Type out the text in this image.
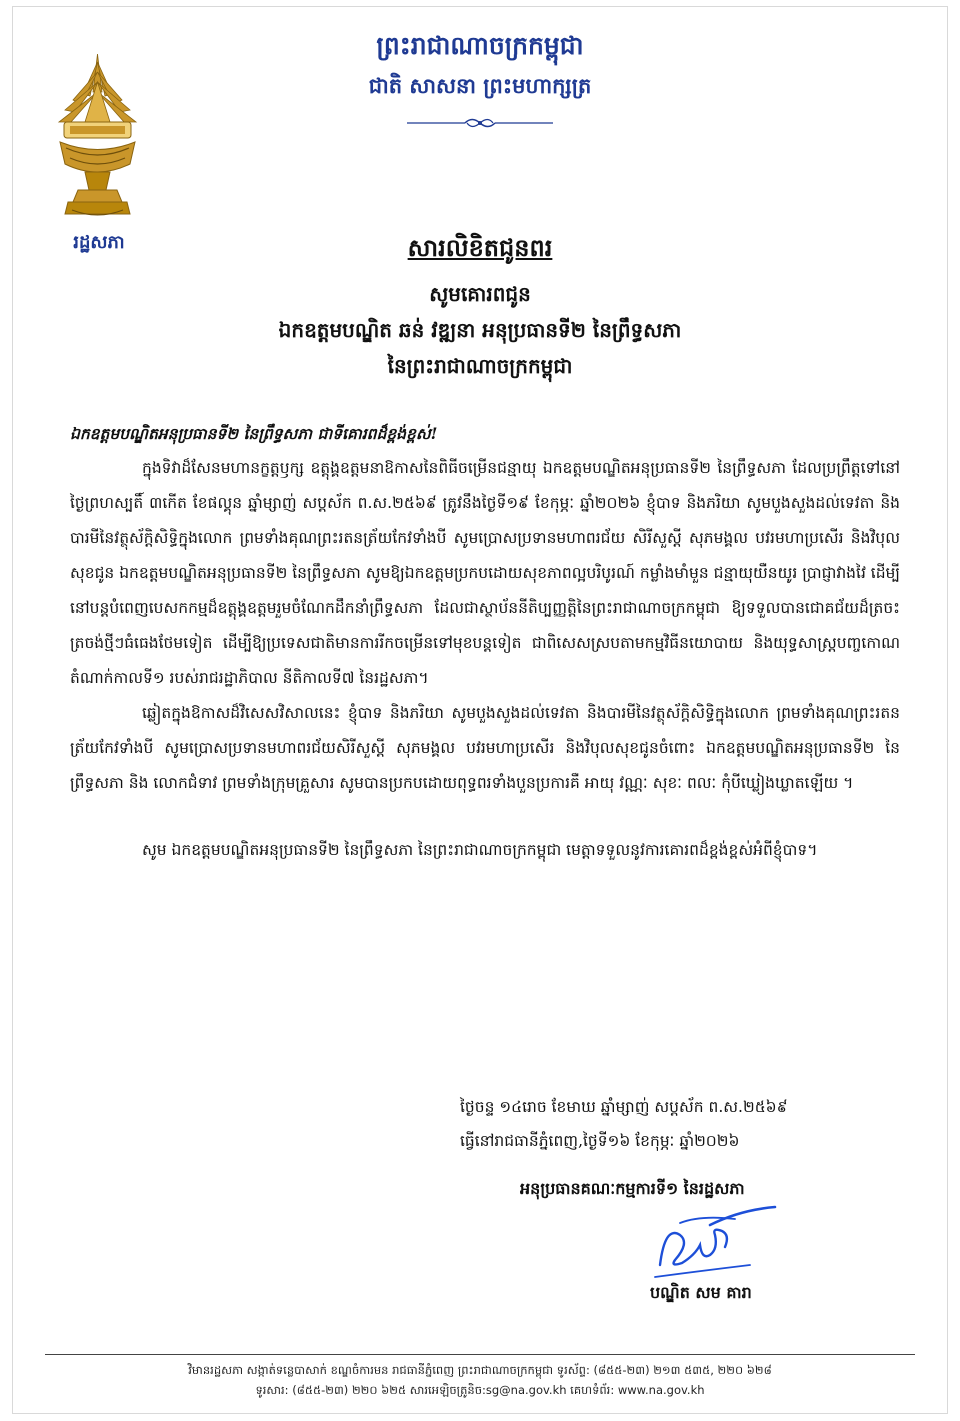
រដ្ឋសភា
ព្រះរាជាណាចក្រកម្ពុជា
ជាតិ សាសនា ព្រះមហាក្សត្រ
សារលិខិតជូនពរ
សូមគោរពជូន
ឯកឧត្តមបណ្ឌិត ឆន់ វឌ្ឍនា អនុប្រធានទី២ នៃព្រឹទ្ធសភា
នៃព្រះរាជាណាចក្រកម្ពុជា

ឯកឧត្តមបណ្ឌិតអនុប្រធានទី២ នៃព្រឹទ្ធសភា ជាទីគោរពដ៏ខ្ពង់ខ្ពស់!

ក្នុងទិវាដ៏សែនមហានក្ខត្តឫក្ស ឧត្តុង្គឧត្តមនាឱកាសនៃពិធីចម្រើនជន្មាយុ ឯកឧត្តមបណ្ឌិតអនុប្រធានទី២ នៃព្រឹទ្ធសភា ដែលប្រព្រឹត្តទៅនៅថ្ងៃព្រហស្បតិ៍ ៣កើត ខែផល្គុន ឆ្នាំម្សាញ់ សប្តស័ក ព.ស.២៥៦៩ ត្រូវនឹងថ្ងៃទី១៩ ខែកុម្ភៈ ឆ្នាំ២០២៦ ខ្ញុំបាទ និងភរិយា សូមបួងសួងដល់ទេវតា និងបារមីនៃវត្ថុស័ក្តិសិទ្ធិក្នុងលោក ព្រមទាំងគុណព្រះរតនត្រ័យកែវទាំងបី សូមប្រោសប្រទានមហាពរជ័យ សិរីសួស្តី សុភមង្គល បវរមហាប្រសើរ និងវិបុលសុខជូន ឯកឧត្តមបណ្ឌិតអនុប្រធានទី២ នៃព្រឹទ្ធសភា សូមឱ្យឯកឧត្តមប្រកបដោយសុខភាពល្អបរិបូរណ៍ កម្លាំងមាំមួន ជន្មាយុយឺនយូរ ប្រាជ្ញាវាងវៃ ដើម្បីនៅបន្តបំពេញបេសកកម្មដ៏ឧត្តុង្គឧត្តមរួមចំណែកដឹកនាំព្រឹទ្ធសភា ដែលជាស្ថាប័ននីតិប្បញ្ញត្តិនៃព្រះរាជាណាចក្រកម្ពុជា ឱ្យទទួលបានជោគជ័យដ៏ត្រចះត្រចង់ថ្មីៗធំធេងថែមទៀត ដើម្បីឱ្យប្រទេសជាតិមានការរីកចម្រើនទៅមុខបន្តទៀត ជាពិសេសស្របតាមកម្មវិធីនយោបាយ និងយុទ្ធសាស្ត្របញ្ចកោណ តំណាក់កាលទី១ របស់រាជរដ្ឋាភិបាល នីតិកាលទី៧ នៃរដ្ឋសភា។

ឆ្លៀតក្នុងឱកាសដ៏វិសេសវិសាលនេះ ខ្ញុំបាទ និងភរិយា សូមបួងសួងដល់ទេវតា និងបារមីនៃវត្ថុស័ក្តិសិទ្ធិក្នុងលោក ព្រមទាំងគុណព្រះរតនត្រ័យកែវទាំងបី សូមប្រោសប្រទានមហាពរជ័យសិរីសួស្តី សុភមង្គល បវរមហាប្រសើរ និងវិបុលសុខជូនចំពោះ ឯកឧត្តមបណ្ឌិតអនុប្រធានទី២ នៃព្រឹទ្ធសភា និង លោកជំទាវ ព្រមទាំងក្រុមគ្រួសារ សូមបានប្រកបដោយពុទ្ធពរទាំងបួនប្រការគឺ អាយុ វណ្ណៈ សុខៈ ពលៈ កុំបីឃ្លៀងឃ្លាតឡើយ ។

សូម ឯកឧត្តមបណ្ឌិតអនុប្រធានទី២ នៃព្រឹទ្ធសភា នៃព្រះរាជាណាចក្រកម្ពុជា មេត្តាទទួលនូវការគោរពដ៏ខ្ពង់ខ្ពស់អំពីខ្ញុំបាទ។

ថ្ងៃចន្ទ ១៤រោច ខែមាឃ ឆ្នាំម្សាញ់ សប្តស័ក ព.ស.២៥៦៩
ធ្វើនៅរាជធានីភ្នំពេញ,ថ្ងៃទី១៦ ខែកុម្ភៈ ឆ្នាំ២០២៦
អនុប្រធានគណៈកម្មការទី១ នៃរដ្ឋសភា
បណ្ឌិត សម គារា
វិមានរដ្ឋសភា សង្កាត់ទន្លេបាសាក់ ខណ្ឌចំការមន រាជធានីភ្នំពេញ ព្រះរាជាណាចក្រកម្ពុជា ទូរស័ព្ទ: (៨៥៥-២៣) ២១៣ ៥៣៥, ២២០ ៦២៨
ទូរសារ: (៨៥៥-២៣) ២២០ ៦២៥ សារអេឡិចត្រូនិច:sg@na.gov.kh គេហទំព័រ: www.na.gov.kh
